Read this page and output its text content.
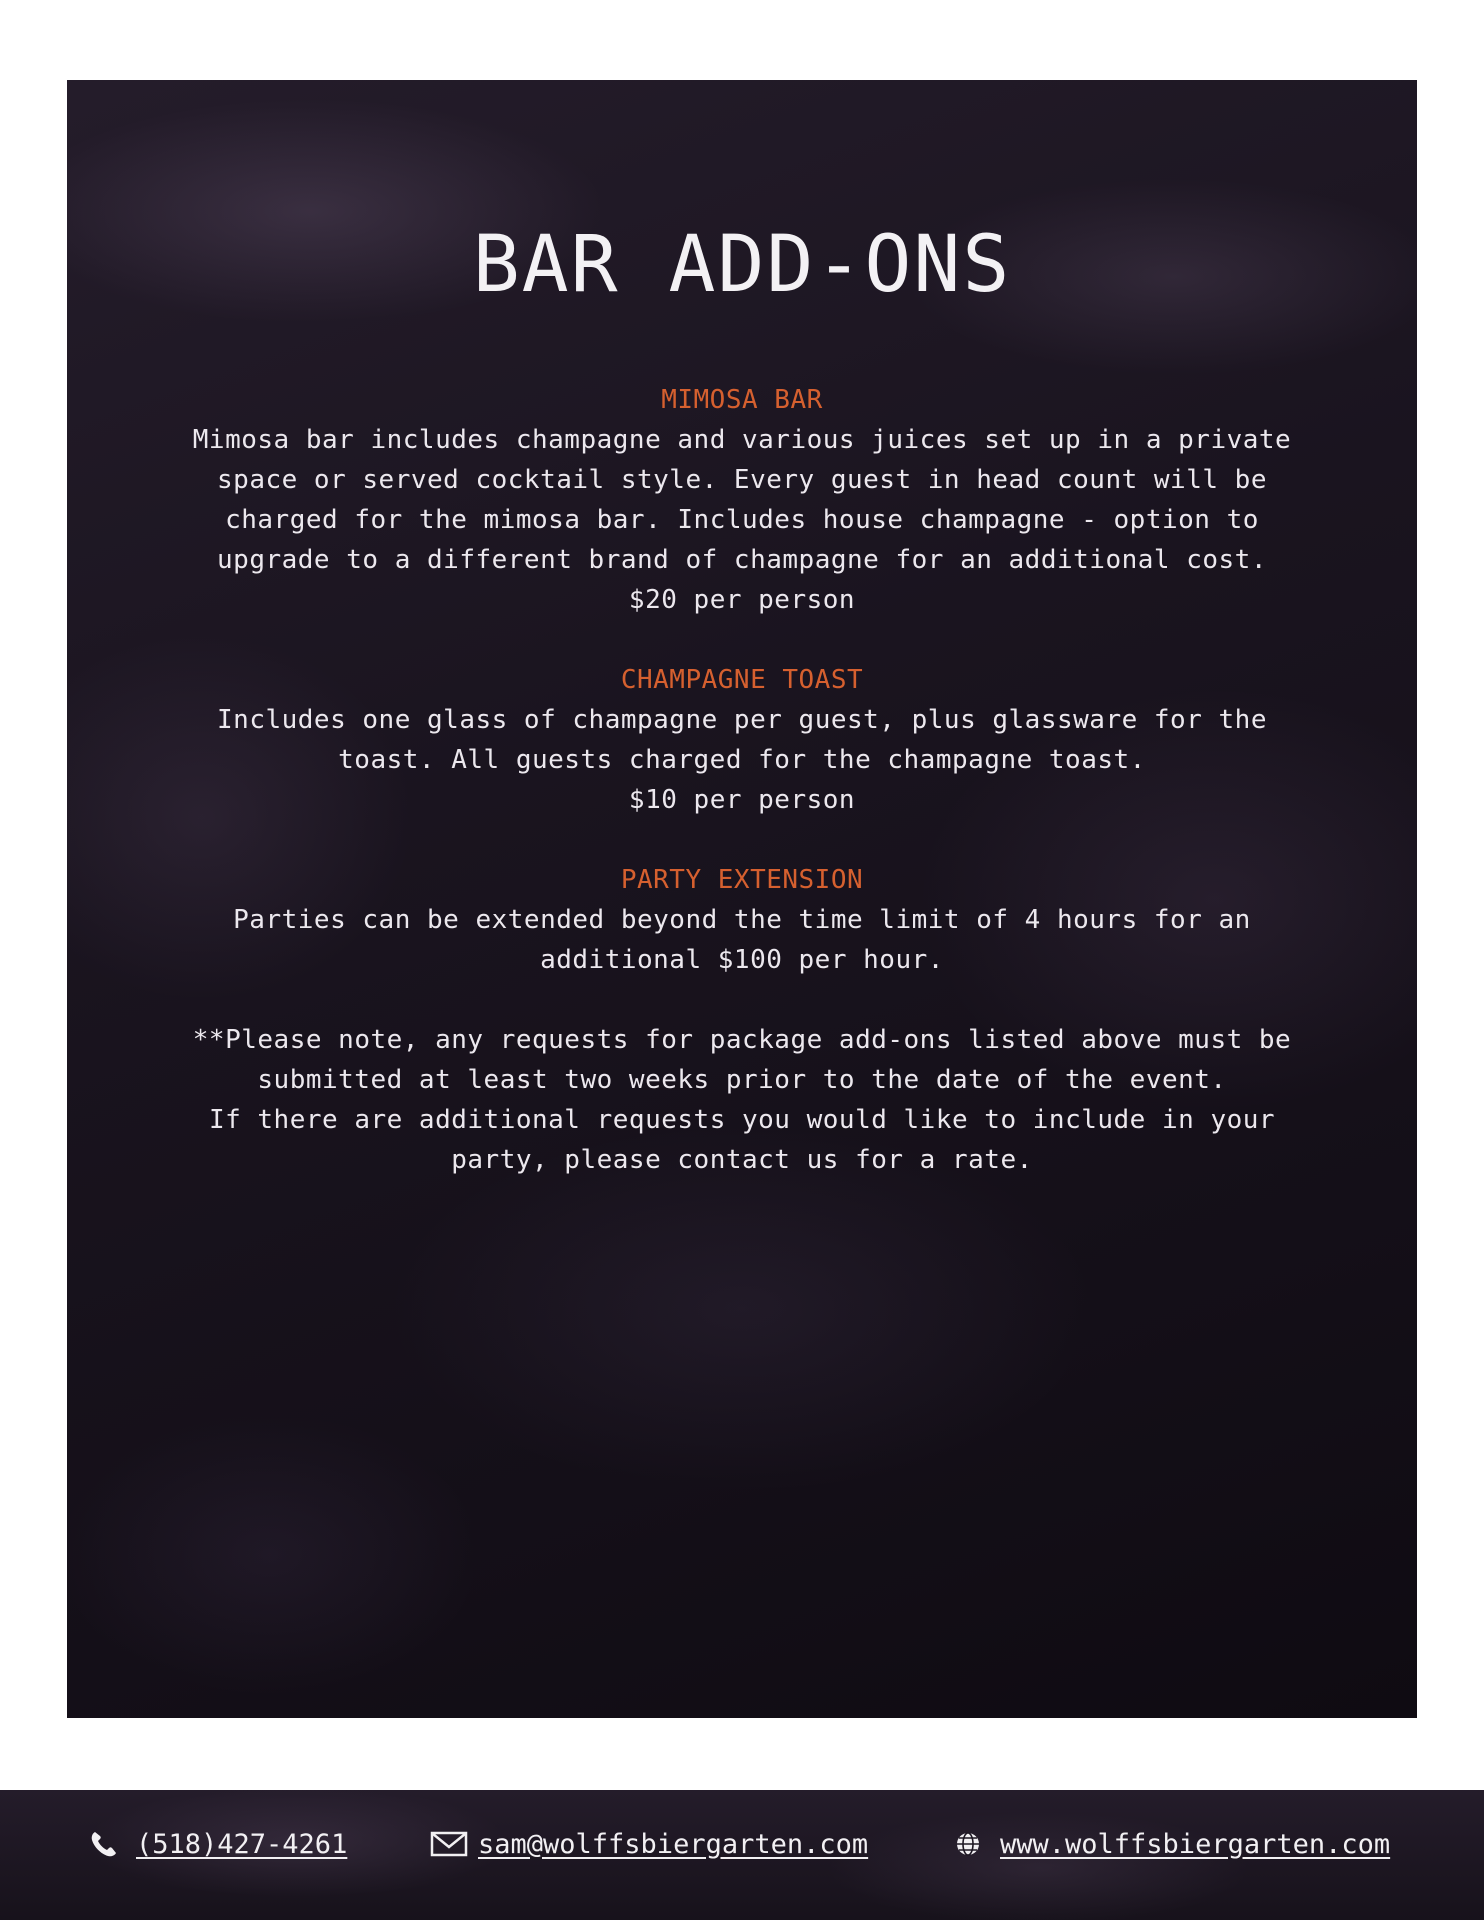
BAR ADD-ONS

MIMOSA BAR

Mimosa bar includes champagne and various juices set up in a private

space or served cocktail style. Every guest in head count will be

charged for the mimosa bar. Includes house champagne - option to

upgrade to a different brand of champagne for an additional cost.

$20 per person

CHAMPAGNE TOAST

Includes one glass of champagne per guest, plus glassware for the

toast. All guests charged for the champagne toast.

$10 per person

PARTY EXTENSION

Parties can be extended beyond the time limit of 4 hours for an

additional $100 per hour.

**Please note, any requests for package add-ons listed above must be

submitted at least two weeks prior to the date of the event.

If there are additional requests you would like to include in your

party, please contact us for a rate.

(518)427-4261	sam@wolffsbiergarten.com	www.wolffsbiergarten.com
